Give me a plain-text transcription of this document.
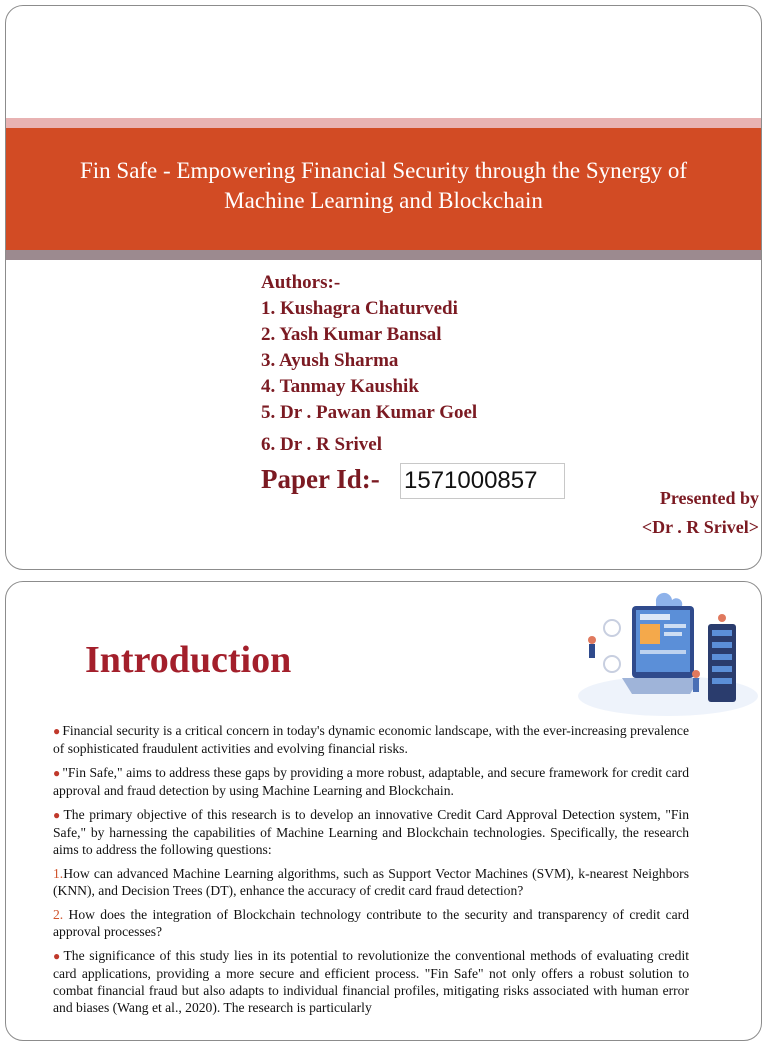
Fin Safe - Empowering Financial Security through the Synergy of Machine Learning and Blockchain
Authors:-
1. Kushagra Chaturvedi
2. Yash Kumar Bansal
3. Ayush Sharma
4. Tanmay Kaushik
5. Dr . Pawan Kumar Goel
6. Dr . R Srivel
Paper Id:- 1571000857
Presented by
<Dr . R Srivel>
Introduction

● Financial security is a critical concern in today's dynamic economic landscape, with the ever-increasing prevalence of sophisticated fraudulent activities and evolving financial risks.

● "Fin Safe," aims to address these gaps by providing a more robust, adaptable, and secure framework for credit card approval and fraud detection by using Machine Learning and Blockchain.

● The primary objective of this research is to develop an innovative Credit Card Approval Detection system, "Fin Safe," by harnessing the capabilities of Machine Learning and Blockchain technologies. Specifically, the research aims to address the following questions:

1.How can advanced Machine Learning algorithms, such as Support Vector Machines (SVM), k-nearest Neighbors (KNN), and Decision Trees (DT), enhance the accuracy of credit card fraud detection?

2. How does the integration of Blockchain technology contribute to the security and transparency of credit card approval processes?

● The significance of this study lies in its potential to revolutionize the conventional methods of evaluating credit card applications, providing a more secure and efficient process. "Fin Safe" not only offers a robust solution to combat financial fraud but also adapts to individual financial profiles, mitigating risks associated with human error and biases (Wang et al., 2020). The research is particularly
